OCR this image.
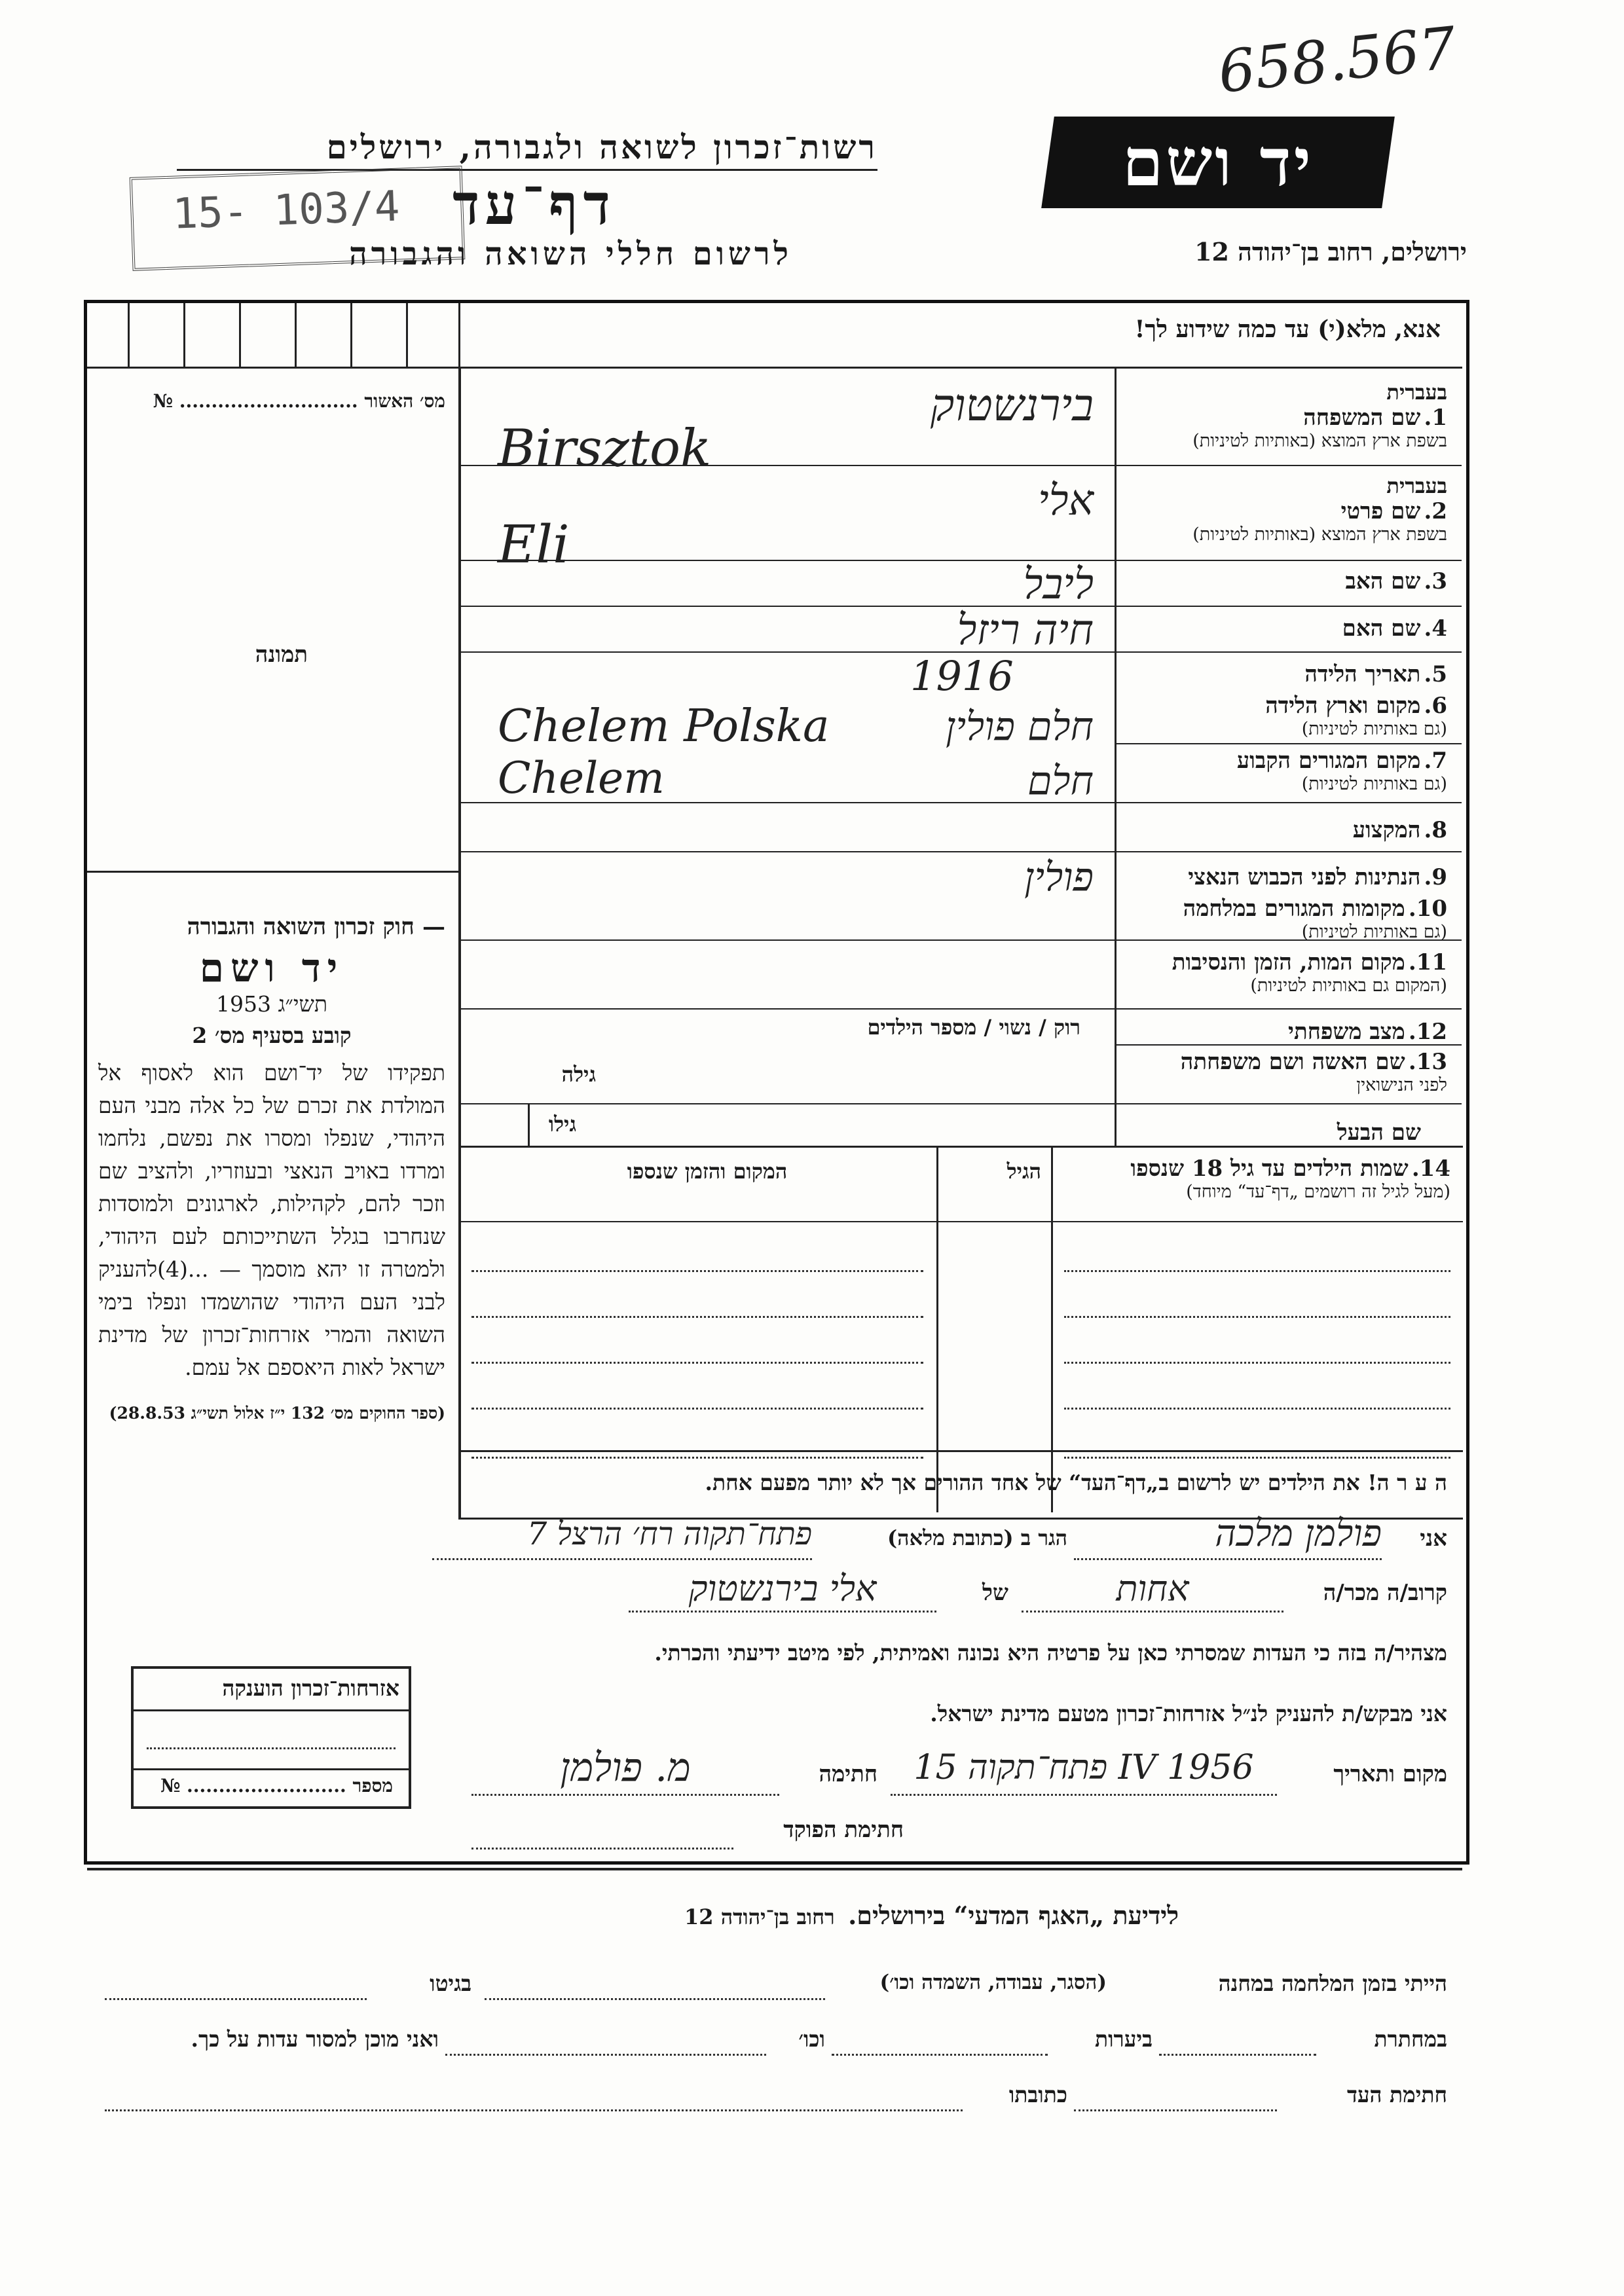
658.567
רשות־זכרון לשואה ולגבורה, ירושלים
15- 103/4 דף־עד
לרשום חללי השואה והגבורה
יד ושם
ירושלים, רחוב בן־יהודה 12
אנא, מלא(י) עד כמה שידוע לך!
מס׳ האשור ............................ №
תמונה
— חוק זכרון השואה והגבורה
יד ושם
תשי״ג 1953
קובע בסעיף מס׳ 2
תפקידו של יד־ושם הוא לאסוף אל המולדת את זכרם של כל אלה מבני העם היהודי, שנפלו ומסרו את נפשם, נלחמו ומרדו באויב הנאצי ובעוזריו, ולהציב שם וזכר להם, לקהילות, לארגונים ולמוסדות שנחרבו בגלל השתייכותם לעם היהודי, ולמטרה זו יהא מוסמך — ...(4)להעניק לבני העם היהודי שהושמדו ונפלו בימי השואה והמרי אזרחות־זכרון של מדינת ישראל לאות היאספם אל עמם.
(ספר החוקים מס׳ 132 י״ז אלול תשי״ג 28.8.53)
בעברית
1. שם המשפחה
בשפת ארץ המוצא (באותיות לטיניות)
בעברית
2. שם פרטי
בשפת ארץ המוצא (באותיות לטיניות)
3. שם האב
4. שם האם
5. תאריך הלידה
6. מקום וארץ הלידה
(גם באותיות לטיניות)
7. מקום המגורים הקבוע
(גם באותיות לטיניות)
8. המקצוע
9. הנתינות לפני הכבוש הנאצי
10. מקומות המגורים במלחמה
(גם באותיות לטיניות)
11. מקום המות, הזמן והנסיבות
(המקום גם באותיות לטיניות)
12. מצב משפחתי
13. שם האשה ושם משפחתה
לפני הנישואין
שם הבעל
בירנשטוק
Birsztok
אלי
Eli
ליבל
חיה ריזל
1916
Chelem Polska	חלם פולין
Chelem	חלם
פולין
רוק / נשוי / מספר הילדים
גילה
גילו
14. שמות הילדים עד גיל 18 שנספו
(מעל לגיל זה רושמים „דף־עד“ מיוחד)
הגיל
המקום והזמן שנספו
ה ע ר ה! את הילדים יש לרשום ב„דף־העד“ של אחד ההורים אך לא יותר מפעם אחת.
אני
פולמן מלכה
הגר ב (כתובת מלאה)
פתח־תקוה רח׳ הרצל 7
קרוב/ה מכר/ה
אחות
של
אלי בירנשטוק
מצהיר/ה בזה כי העדות שמסרתי כאן על פרטיה היא נכונה ואמיתית, לפי מיטב ידיעתי והכרתי.
אני מבקש/ת להעניק לנ״ל אזרחות־זכרון מטעם מדינת ישראל.
מקום ותאריך
פתח־תקוה 15 IV 1956
חתימה
מ. פולמן
חתימת הפוקד
אזרחות־זכרון הוענקה
מספר ......................... №
לידיעת „האגף המדעי“ בירושלים.    רחוב בן־יהודה 12
הייתי בזמן המלחמה במחנה
(הסגר, עבודה, השמדה וכו׳)
בגיטו
במחתרת
ביערות
וכו׳
ואני מוכן למסור עדות על כך.
חתימת העד
כתובתו
